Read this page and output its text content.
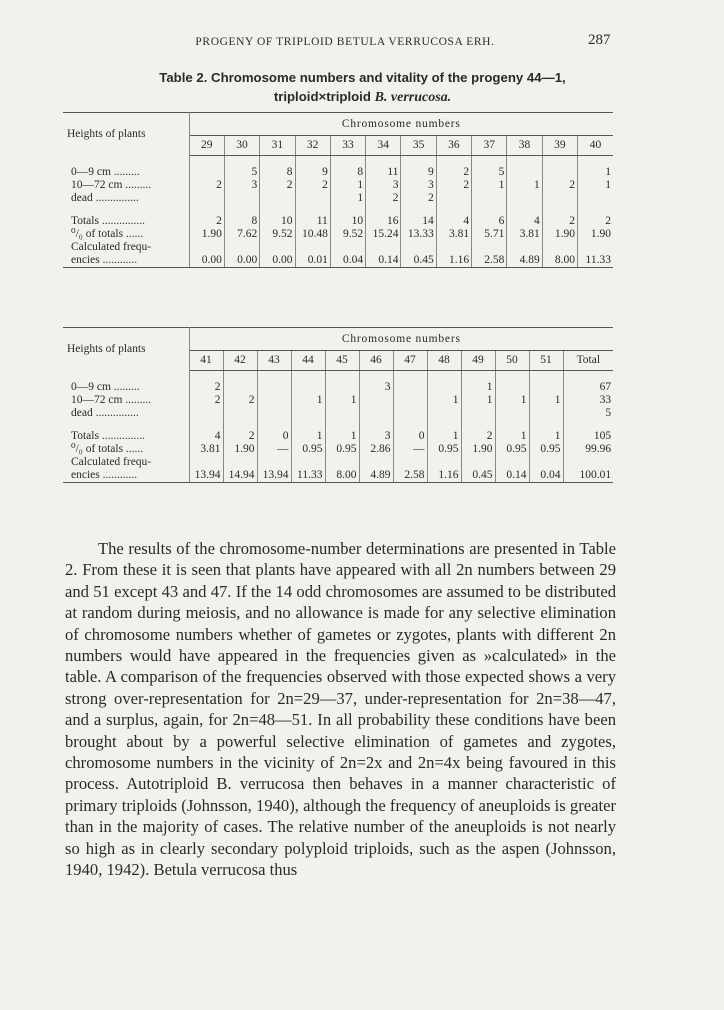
PROGENY OF TRIPLOID BETULA VERRUCOSA ERH.	287
Table 2. Chromosome numbers and vitality of the progeny 44—1,
triploid×triploid B. verrucosa.
Heights of plants	Chromosome numbers											
	29	30	31	32	33	34	35	36	37	38	39	40

0—9 cm .........		5	8	9	8	11	9	2	5			1
10—72 cm .........	2	3	2	2	1	3	3	2	1	1	2	1
dead ...............					1	2	2					

Totals ...............	2	8	10	11	10	16	14	4	6	4	2	2
⁰/₀ of totals ......	1.90	7.62	9.52	10.48	9.52	15.24	13.33	3.81	5.71	3.81	1.90	1.90
Calculated frequ-												
encies ............	0.00	0.00	0.00	0.01	0.04	0.14	0.45	1.16	2.58	4.89	8.00	11.33
Heights of plants	Chromosome numbers											
	41	42	43	44	45	46	47	48	49	50	51	Total

0—9 cm .........	2					3			1			67
10—72 cm .........	2	2		1	1			1	1	1	1	33
dead ...............												5

Totals ...............	4	2	0	1	1	3	0	1	2	1	1	105
⁰/₀ of totals ......	3.81	1.90	—	0.95	0.95	2.86	—	0.95	1.90	0.95	0.95	99.96
Calculated frequ-												
encies ............	13.94	14.94	13.94	11.33	8.00	4.89	2.58	1.16	0.45	0.14	0.04	100.01

The results of the chromosome-number determinations are presented in Table 2. From these it is seen that plants have appeared with all 2n numbers between 29 and 51 except 43 and 47. If the 14 odd chromosomes are assumed to be distributed at random during meiosis, and no allowance is made for any selective elimination of chromosome numbers whether of gametes or zygotes, plants with different 2n numbers would have appeared in the frequencies given as »calculated» in the table. A comparison of the frequencies observed with those expected shows a very strong over-representation for 2n=29—37, under-representation for 2n=38—47, and a surplus, again, for 2n=48—51. In all probability these conditions have been brought about by a powerful selective elimination of gametes and zygotes, chromosome numbers in the vicinity of 2n=2x and 2n=4x being favoured in this process. Autotriploid B. verrucosa then behaves in a manner characteristic of primary triploids (Johnsson, 1940), although the frequency of aneuploids is greater than in the majority of cases. The relative number of the aneuploids is not nearly so high as in clearly secondary polyploid triploids, such as the aspen (Johnsson, 1940, 1942). Betula verrucosa thus
